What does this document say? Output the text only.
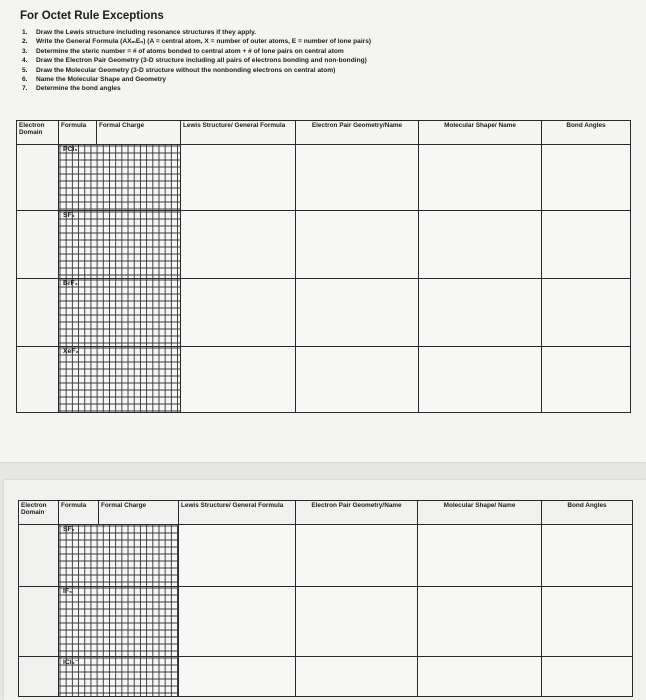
For Octet Rule Exceptions
1. Draw the Lewis structure including resonance structures if they apply.
2. Write the General Formula (AXₘEₙ) (A = central atom, X = number of outer atoms, E = number of lone pairs)
3. Determine the steric number = # of atoms bonded to central atom + # of lone pairs on central atom
4. Draw the Electron Pair Geometry (3-D structure including all pairs of electrons bonding and non-bonding)
5. Draw the Molecular Geometry (3-D structure without the nonbonding electrons on central atom)
6. Name the Molecular Shape and Geometry
7. Determine the bond angles
Electron Domain	Formula	Formal Charge	Lewis Structure/ General Formula	Electron Pair Geometry/Name	Molecular Shape/ Name	Bond Angles

	PCl₅					

	SF₄					

	BrF₃					

	XeF₂					

Electron Domain	Formula	Formal Charge	Lewis Structure/ General Formula	Electron Pair Geometry/Name	Molecular Shape/ Name	Bond Angles

	SF₆					

	IF₅					

	ICl₄⁻					
